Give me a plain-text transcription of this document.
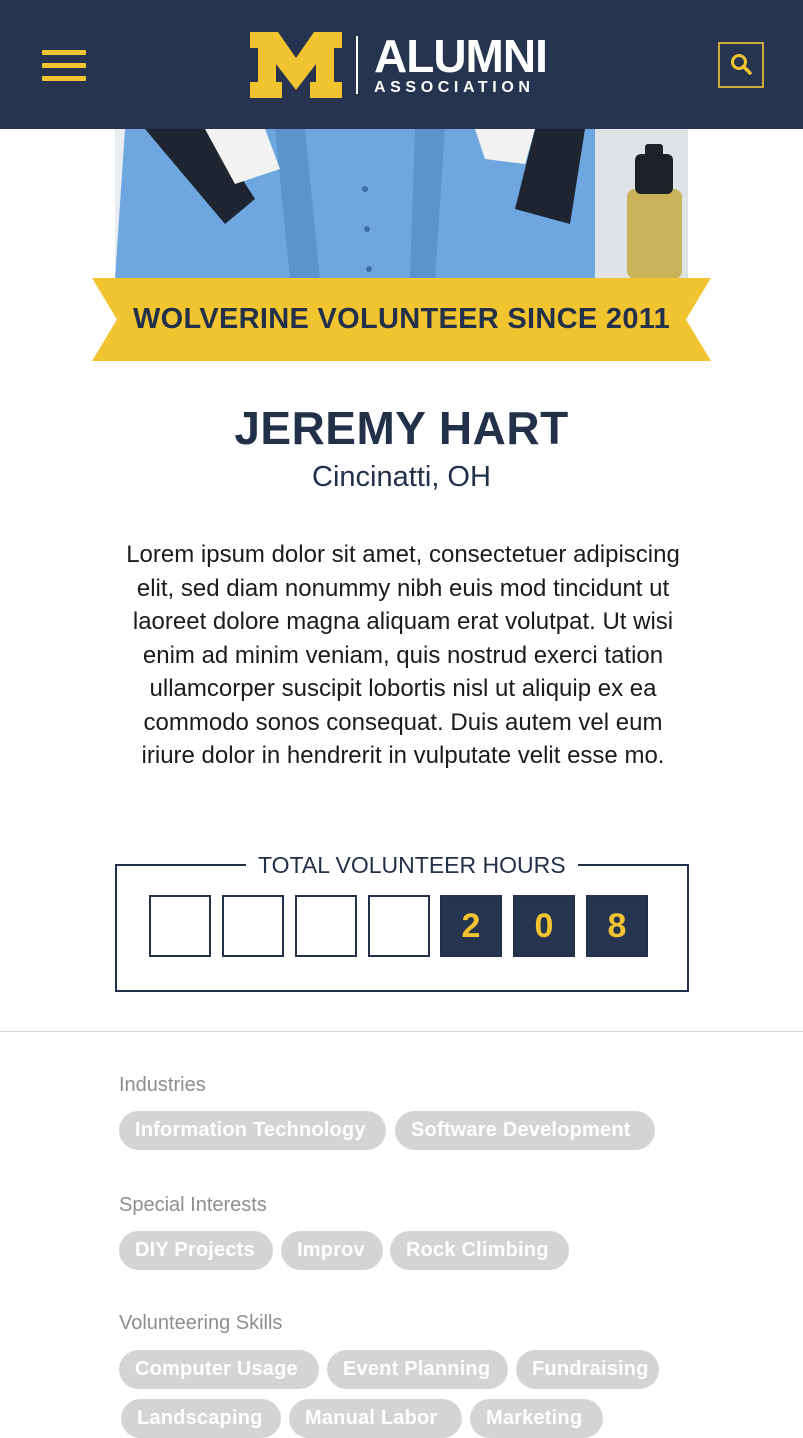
ALUMNI
ASSOCIATION
WOLVERINE VOLUNTEER SINCE 2011
JEREMY HART
Cincinatti, OH
Lorem ipsum dolor sit amet, consectetuer adipiscing elit, sed diam nonummy nibh euis mod tincidunt ut laoreet dolore magna aliquam erat volutpat. Ut wisi enim ad minim veniam, quis nostrud exerci tation ullamcorper suscipit lobortis nisl ut aliquip ex ea commodo sonos consequat. Duis autem vel eum iriure dolor in hendrerit in vulputate velit esse mo.
TOTAL VOLUNTEER HOURS
2	0	8
Industries
Information Technology	Software Development
Special Interests
DIY Projects	Improv	Rock Climbing
Volunteering Skills
Computer Usage	Event Planning	Fundraising
Landscaping	Manual Labor	Marketing
